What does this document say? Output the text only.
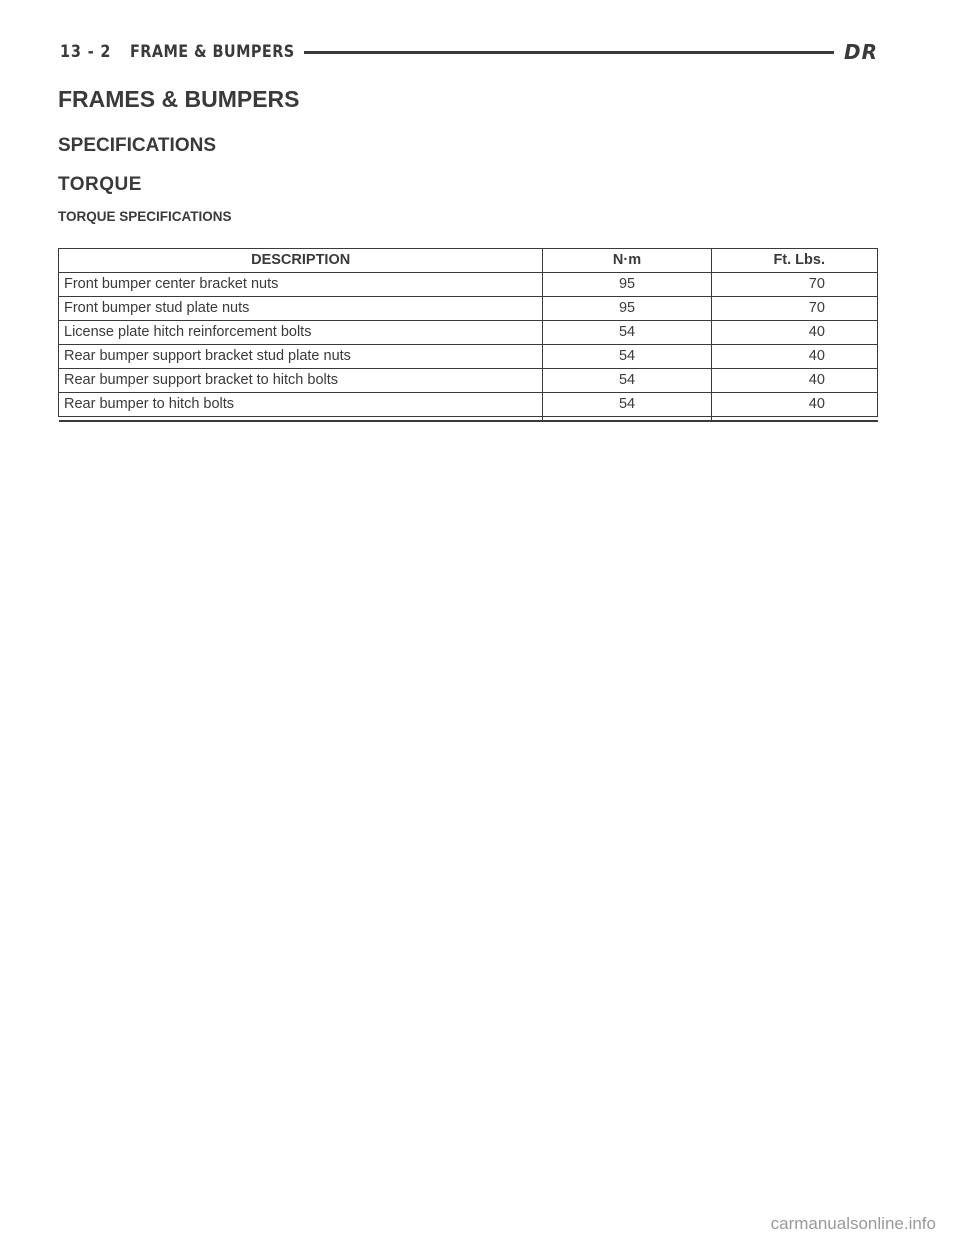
13 - 2 FRAME & BUMPERS	DR
FRAMES & BUMPERS
SPECIFICATIONS
TORQUE
TORQUE SPECIFICATIONS
DESCRIPTION	N·m	Ft. Lbs.
Front bumper center bracket nuts	95	70
Front bumper stud plate nuts	95	70
License plate hitch reinforcement bolts	54	40
Rear bumper support bracket stud plate nuts	54	40
Rear bumper support bracket to hitch bolts	54	40
Rear bumper to hitch bolts	54	40

carmanualsonline.info
